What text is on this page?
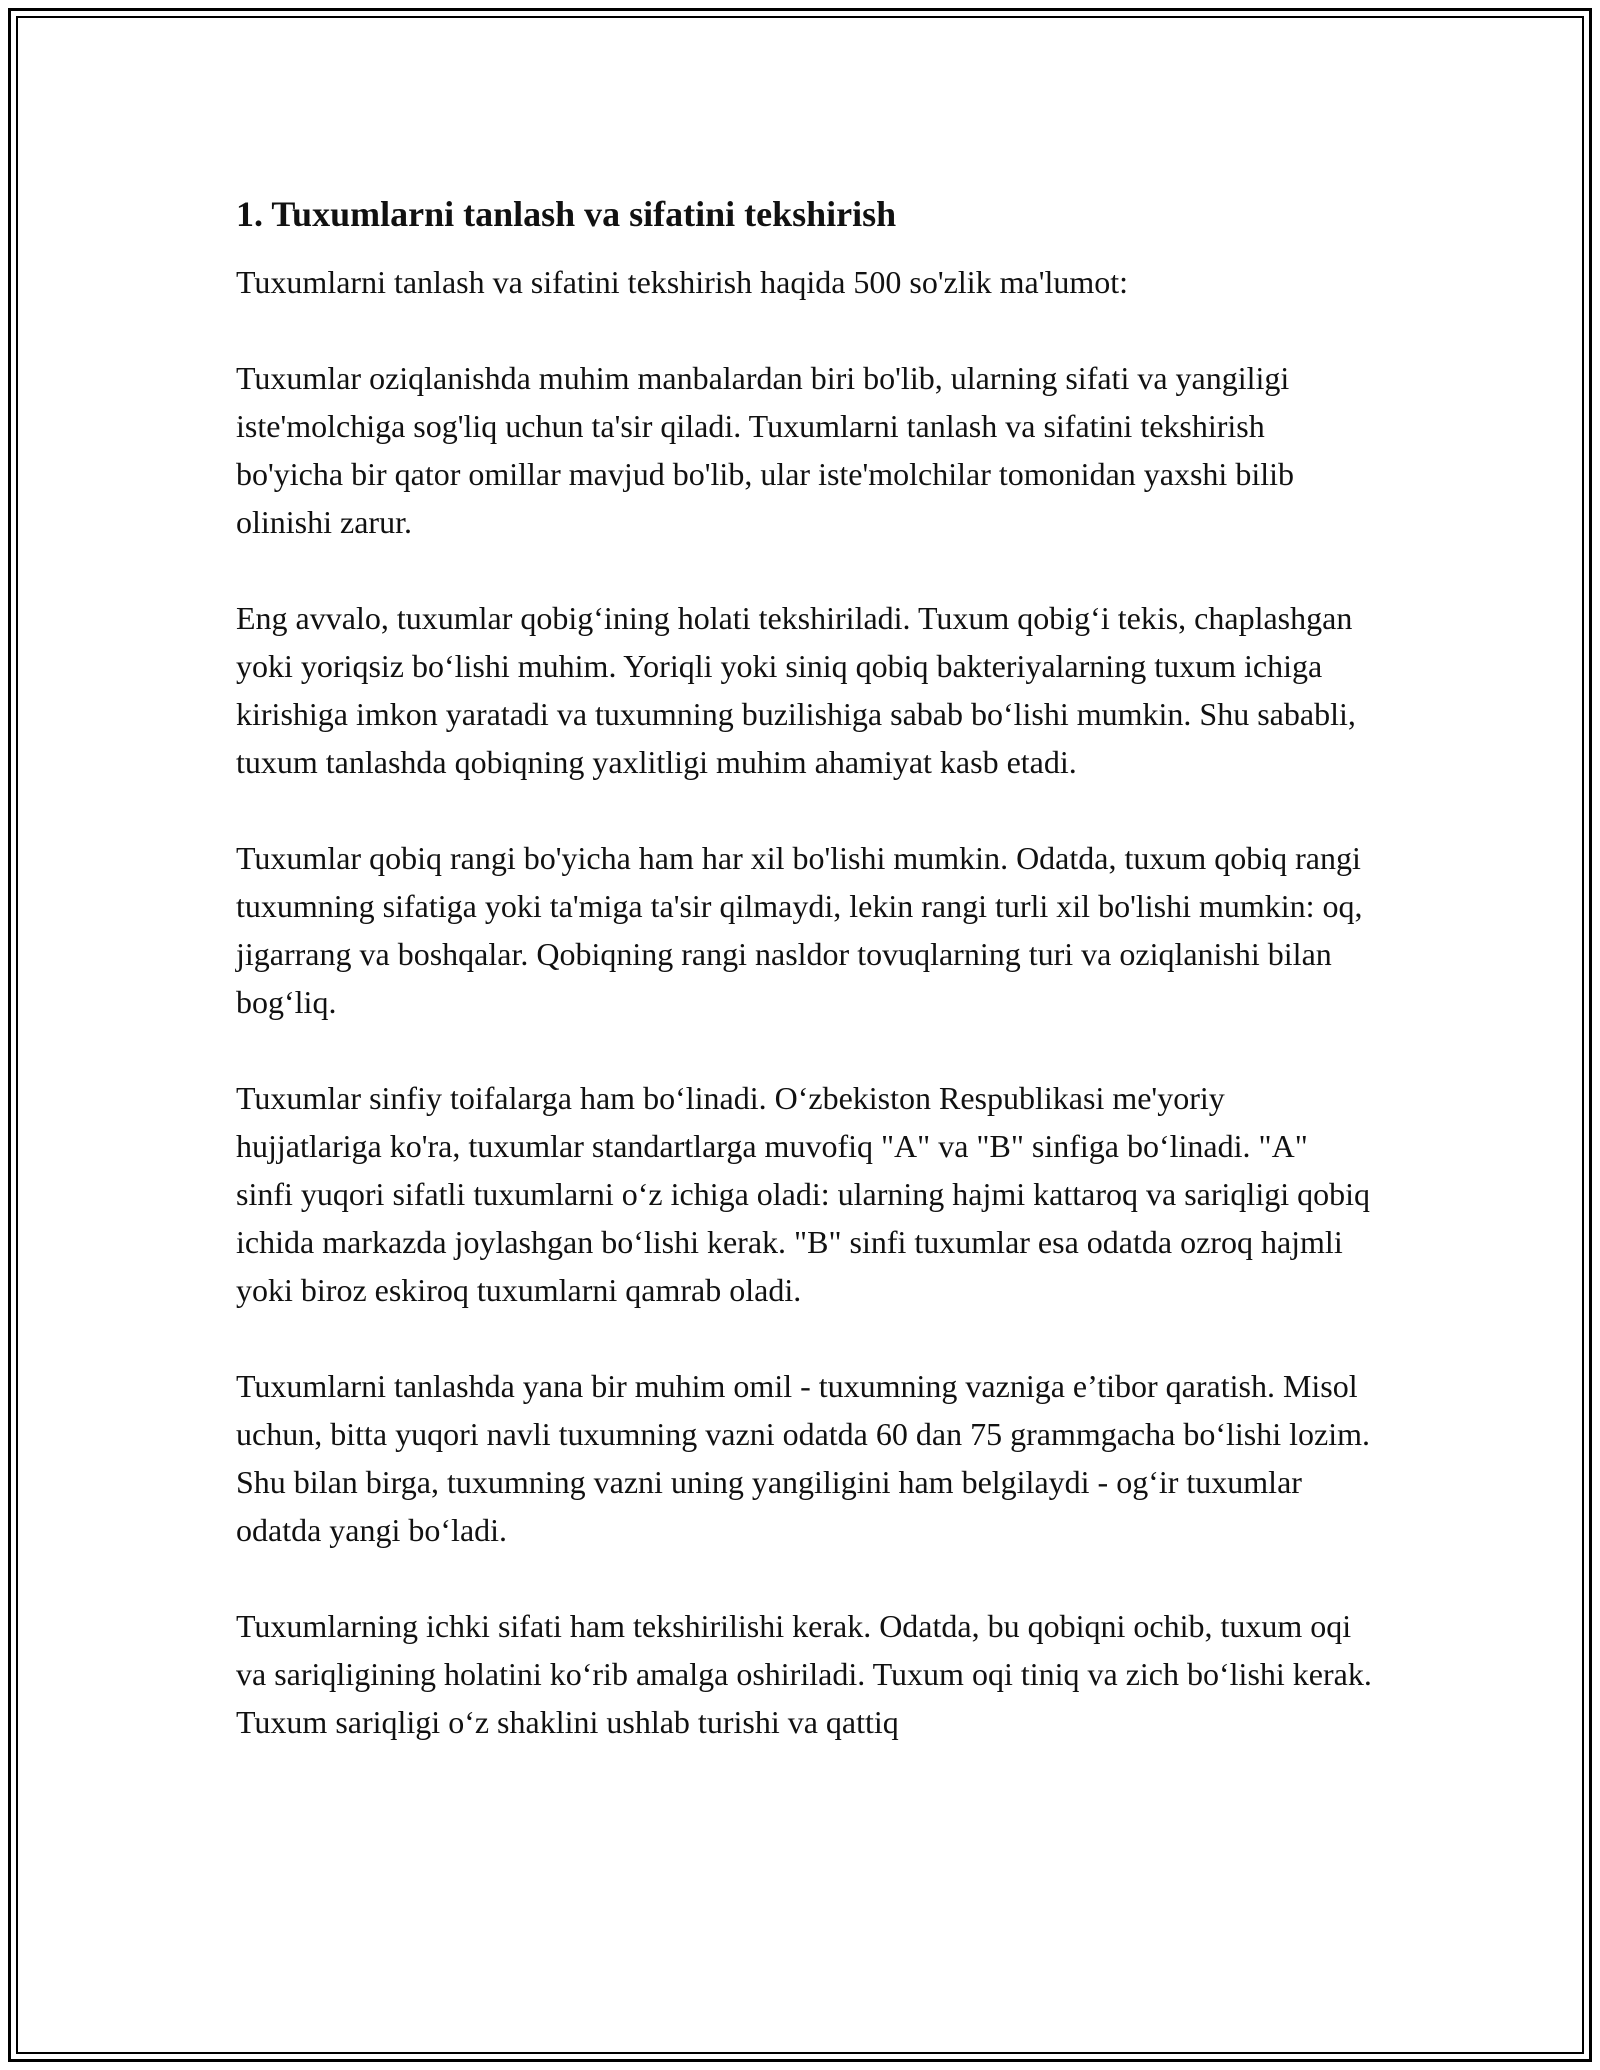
1. Tuxumlarni tanlash va sifatini tekshirish

Tuxumlarni tanlash va sifatini tekshirish haqida 500 so'zlik ma'lumot:

Tuxumlar oziqlanishda muhim manbalardan biri bo'lib, ularning sifati va yangiligi iste'molchiga sog'liq uchun ta'sir qiladi. Tuxumlarni tanlash va sifatini tekshirish bo'yicha bir qator omillar mavjud bo'lib, ular iste'molchilar tomonidan yaxshi bilib olinishi zarur.

Eng avvalo, tuxumlar qobig‘ining holati tekshiriladi. Tuxum qobig‘i tekis, chaplashgan yoki yoriqsiz bo‘lishi muhim. Yoriqli yoki siniq qobiq bakteriyalarning tuxum ichiga kirishiga imkon yaratadi va tuxumning buzilishiga sabab bo‘lishi mumkin. Shu sababli, tuxum tanlashda qobiqning yaxlitligi muhim ahamiyat kasb etadi.

Tuxumlar qobiq rangi bo'yicha ham har xil bo'lishi mumkin. Odatda, tuxum qobiq rangi tuxumning sifatiga yoki ta'miga ta'sir qilmaydi, lekin rangi turli xil bo'lishi mumkin: oq, jigarrang va boshqalar. Qobiqning rangi nasldor tovuqlarning turi va oziqlanishi bilan bog‘liq.

Tuxumlar sinfiy toifalarga ham bo‘linadi. O‘zbekiston Respublikasi me'yoriy hujjatlariga ko'ra, tuxumlar standartlarga muvofiq "A" va "B" sinfiga bo‘linadi. "A" sinfi yuqori sifatli tuxumlarni o‘z ichiga oladi: ularning hajmi kattaroq va sariqligi qobiq ichida markazda joylashgan bo‘lishi kerak. "B" sinfi tuxumlar esa odatda ozroq hajmli yoki biroz eskiroq tuxumlarni qamrab oladi.

Tuxumlarni tanlashda yana bir muhim omil - tuxumning vazniga e’tibor qaratish. Misol uchun, bitta yuqori navli tuxumning vazni odatda 60 dan 75 grammgacha bo‘lishi lozim. Shu bilan birga, tuxumning vazni uning yangiligini ham belgilaydi - og‘ir tuxumlar odatda yangi bo‘ladi.

Tuxumlarning ichki sifati ham tekshirilishi kerak. Odatda, bu qobiqni ochib, tuxum oqi va sariqligining holatini ko‘rib amalga oshiriladi. Tuxum oqi tiniq va zich bo‘lishi kerak. Tuxum sariqligi o‘z shaklini ushlab turishi va qattiq
